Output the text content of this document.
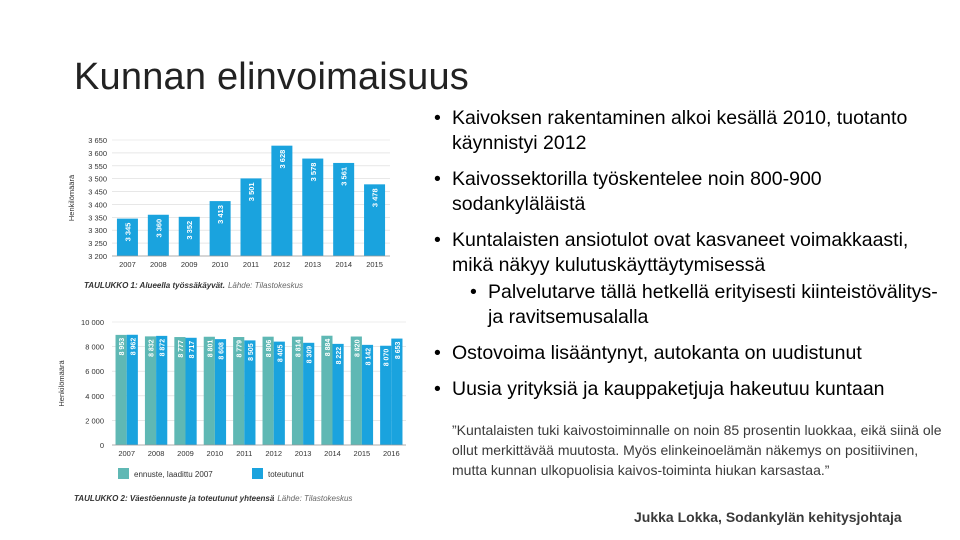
Kunnan elinvoimaisuus
3 650
3 600
3 550
3 500
3 450
3 400
3 350
3 300
3 250
3 200
Henkilömäärä
3 345
2007
3 360
2008
3 352
2009
3 413
2010
3 501
2011
3 628
2012
3 578
2013
3 561
2014
3 478
2015
TAULUKKO 1: Alueella työssäkäyvät. Lähde: Tilastokeskus
10 000
8 000
6 000
4 000
2 000
0
Henkilömäärä
8 953 8 962
2007
8 832 8 872
2008
8 777 8 717
2009
8 801 8 608
2010
8 779 8 505
2011
8 806 8 405
2012
8 814 8 309
2013
8 884 8 222
2014
8 820 8 142
2015
8 070 8 653
2016
ennuste, laadittu 2007	toteutunut
TAULUKKO 2: Väestöennuste ja toteutunut yhteensä Lähde: Tilastokeskus
• Kaivoksen rakentaminen alkoi kesällä 2010, tuotanto käynnistyi 2012
• Kaivossektorilla työskentelee noin 800-900 sodankyläläistä
• Kuntalaisten ansiotulot ovat kasvaneet voimakkaasti, mikä näkyy kulutuskäyttäytymisessä
• Palvelutarve tällä hetkellä erityisesti kiinteistövälitys- ja ravitsemusalalla
• Ostovoima lisääntynyt, autokanta on uudistunut
• Uusia yrityksiä ja kauppaketjuja hakeutuu kuntaan
”Kuntalaisten tuki kaivostoiminnalle on noin 85 prosentin luokkaa, eikä siinä ole ollut merkittävää muutosta. Myös elinkeinoelämän näkemys on positiivinen, mutta kunnan ulkopuolisia kaivos-toiminta hiukan karsastaa.”
Jukka Lokka, Sodankylän kehitysjohtaja
